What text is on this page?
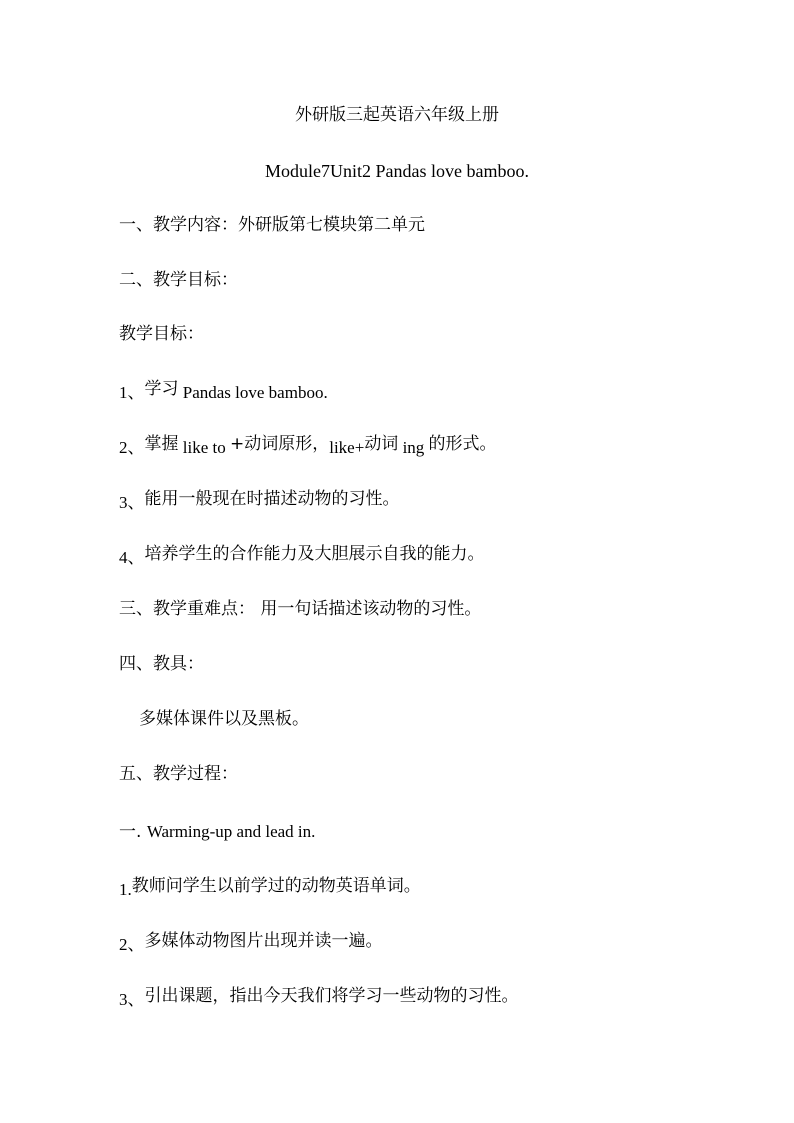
外研版三起英语六年级上册
Module7Unit2 Pandas love bamboo.
一、教学内容：外研版第七模块第二单元
二、教学目标：
教学目标：
1、学习 Pandas love bamboo.
2、掌握 like to +动词原形，like+动词 ing 的形式。
3、能用一般现在时描述动物的习性。
4、培养学生的合作能力及大胆展示自我的能力。
三、教学重难点： 用一句话描述该动物的习性。
四、教具：
多媒体课件以及黑板。
五、教学过程：
一. Warming-up and lead in.
1.教师问学生以前学过的动物英语单词。
2、多媒体动物图片出现并读一遍。
3、引出课题，指出今天我们将学习一些动物的习性。
